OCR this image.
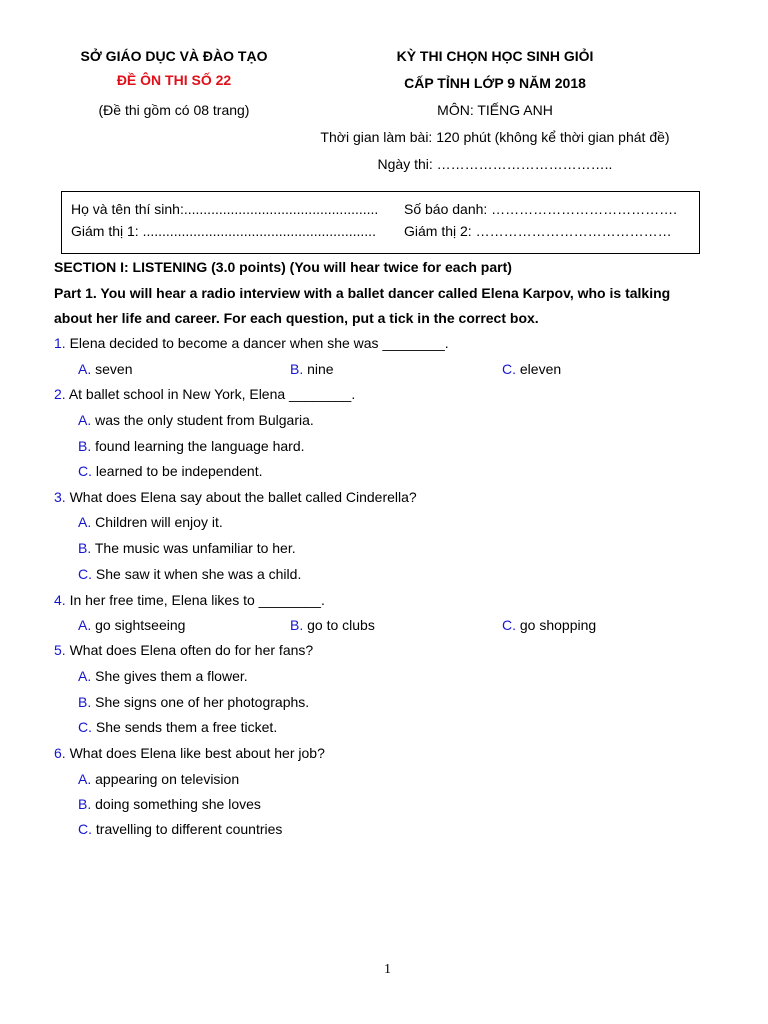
SỞ GIÁO DỤC VÀ ĐÀO TẠO
ĐỀ ÔN THI SỐ 22
(Đề thi gồm có 08 trang)
KỲ THI CHỌN HỌC SINH GIỎI
CẤP TỈNH LỚP 9 NĂM 2018
MÔN: TIẾNG ANH
Thời gian làm bài: 120 phút (không kể thời gian phát đề)
Ngày thi: ………………………………..
Họ và tên thí sinh:.................................................. Số báo danh: ………………………………….
Giám thị 1: ............................................................ Giám thị 2: ……………………………………
SECTION I: LISTENING (3.0 points) (You will hear twice for each part)
Part 1. You will hear a radio interview with a ballet dancer called Elena Karpov, who is talking
about her life and career. For each question, put a tick in the correct box.
1. Elena decided to become a dancer when she was ________.
A. seven	B. nine	C. eleven
2. At ballet school in New York, Elena ________.
A. was the only student from Bulgaria.
B. found learning the language hard.
C. learned to be independent.
3. What does Elena say about the ballet called Cinderella?
A. Children will enjoy it.
B. The music was unfamiliar to her.
C. She saw it when she was a child.
4. In her free time, Elena likes to ________.
A. go sightseeing	B. go to clubs	C. go shopping
5. What does Elena often do for her fans?
A. She gives them a flower.
B. She signs one of her photographs.
C. She sends them a free ticket.
6. What does Elena like best about her job?
A. appearing on television
B. doing something she loves
C. travelling to different countries
1
